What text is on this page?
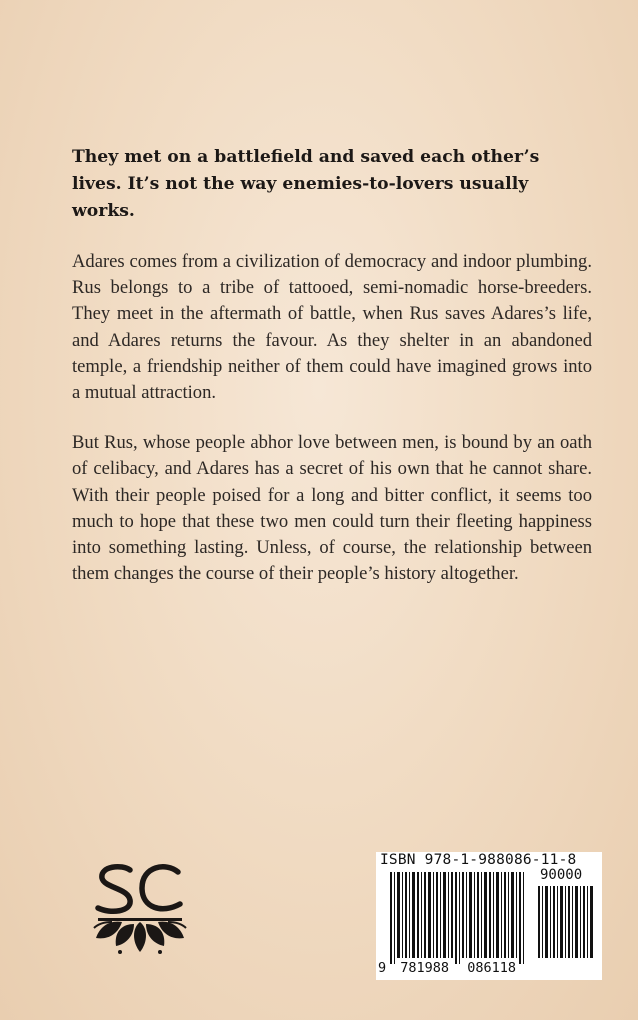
They met on a battlefield and saved each other’s lives. It’s not the way enemies-to-lovers usually works.

Adares comes from a civilization of democracy and indoor plumbing. Rus belongs to a tribe of tattooed, semi-nomadic horse-breeders. They meet in the aftermath of battle, when Rus saves Adares’s life, and Adares returns the favour. As they shelter in an abandoned temple, a friendship neither of them could have imagined grows into a mutual attraction.

But Rus, whose people abhor love between men, is bound by an oath of celibacy, and Adares has a secret of his own that he cannot share. With their people poised for a long and bitter conflict, it seems too much to hope that these two men could turn their fleeting happiness into something lasting. Unless, of course, the relationship between them changes the course of their people’s history altogether.

ISBN 978-1-988086-11-8
90000
9 781988 086118
